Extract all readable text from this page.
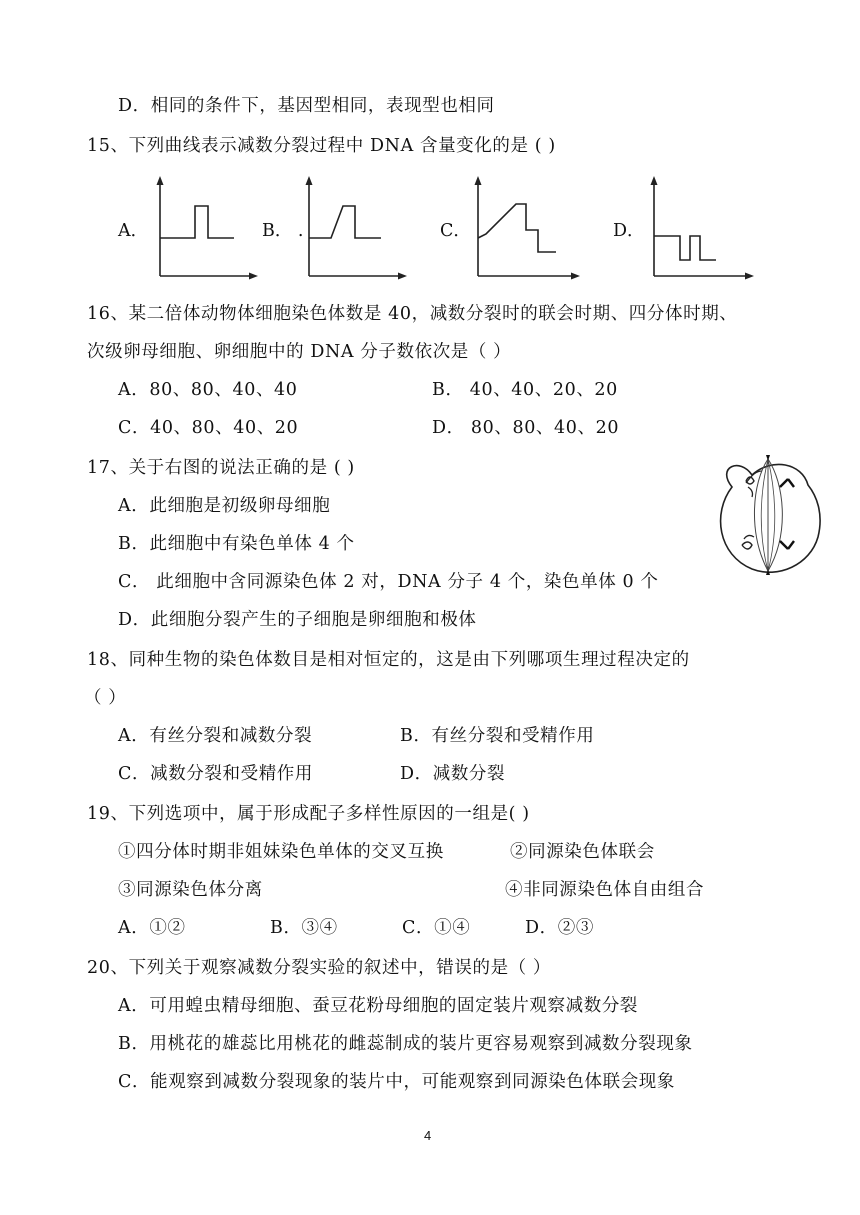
D．相同的条件下，基因型相同，表现型也相同
15、下列曲线表示减数分裂过程中 DNA 含量变化的是 ( )
A．	B． .	C．	D．
16、某二倍体动物体细胞染色体数是 40，减数分裂时的联会时期、四分体时期、
次级卵母细胞、卵细胞中的 DNA 分子数依次是（ ）
A．80、80、40、40	B． 40、40、20、20
C．40、80、40、20	D． 80、80、40、20
17、关于右图的说法正确的是 ( )
A．此细胞是初级卵母细胞
B．此细胞中有染色单体 4 个
C． 此细胞中含同源染色体 2 对，DNA 分子 4 个，染色单体 0 个
D．此细胞分裂产生的子细胞是卵细胞和极体
18、同种生物的染色体数目是相对恒定的，这是由下列哪项生理过程决定的
（ ）
A．有丝分裂和减数分裂	B．有丝分裂和受精作用
C．减数分裂和受精作用	D．减数分裂
19、下列选项中，属于形成配子多样性原因的一组是( )
①四分体时期非姐妹染色单体的交叉互换	②同源染色体联会
③同源染色体分离	④非同源染色体自由组合
A．①②	B．③④	C．①④	D．②③
20、下列关于观察减数分裂实验的叙述中，错误的是（ ）
A．可用蝗虫精母细胞、蚕豆花粉母细胞的固定装片观察减数分裂
B．用桃花的雄蕊比用桃花的雌蕊制成的装片更容易观察到减数分裂现象
C．能观察到减数分裂现象的装片中，可能观察到同源染色体联会现象
4
